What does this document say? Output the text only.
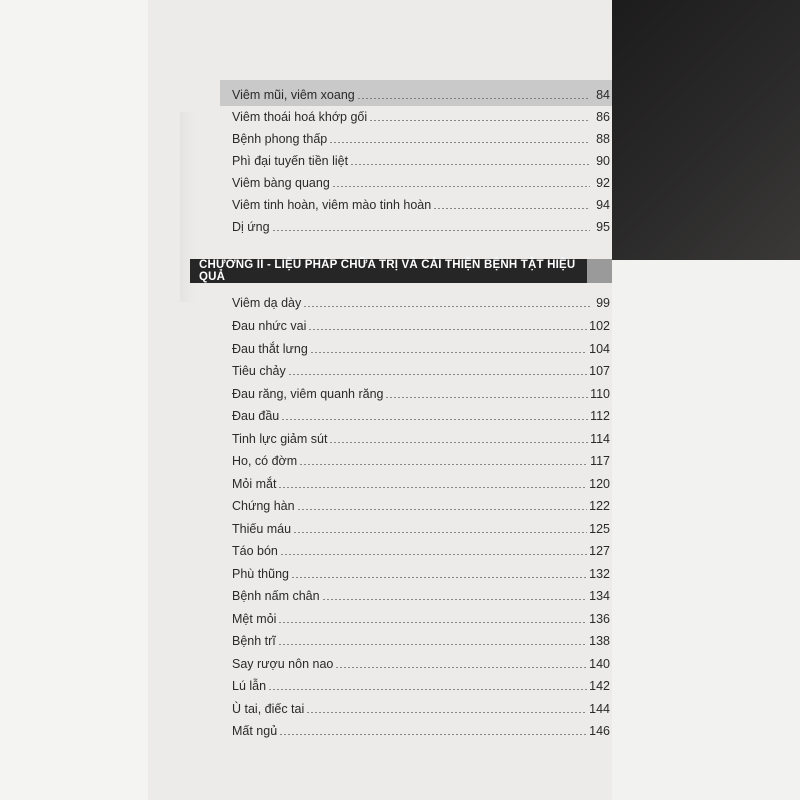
Viêm mũi, viêm xoang	84
Viêm thoái hoá khớp gối	86
Bệnh phong thấp	88
Phì đại tuyến tiền liệt	90
Viêm bàng quang	92
Viêm tinh hoàn, viêm mào tinh hoàn	94
Dị ứng	95
CHƯƠNG II - LIỆU PHÁP CHỮA TRỊ VÀ CẢI THIỆN BỆNH TẬT HIỆU QUẢ
Viêm dạ dày	99
Đau nhức vai	102
Đau thắt lưng	104
Tiêu chảy	107
Đau răng, viêm quanh răng	110
Đau đầu	112
Tinh lực giảm sút	114
Ho, có đờm	117
Mỏi mắt	120
Chứng hàn	122
Thiếu máu	125
Táo bón	127
Phù thũng	132
Bệnh nấm chân	134
Mệt mỏi	136
Bệnh trĩ	138
Say rượu nôn nao	140
Lú lẫn	142
Ù tai, điếc tai	144
Mất ngủ	146
